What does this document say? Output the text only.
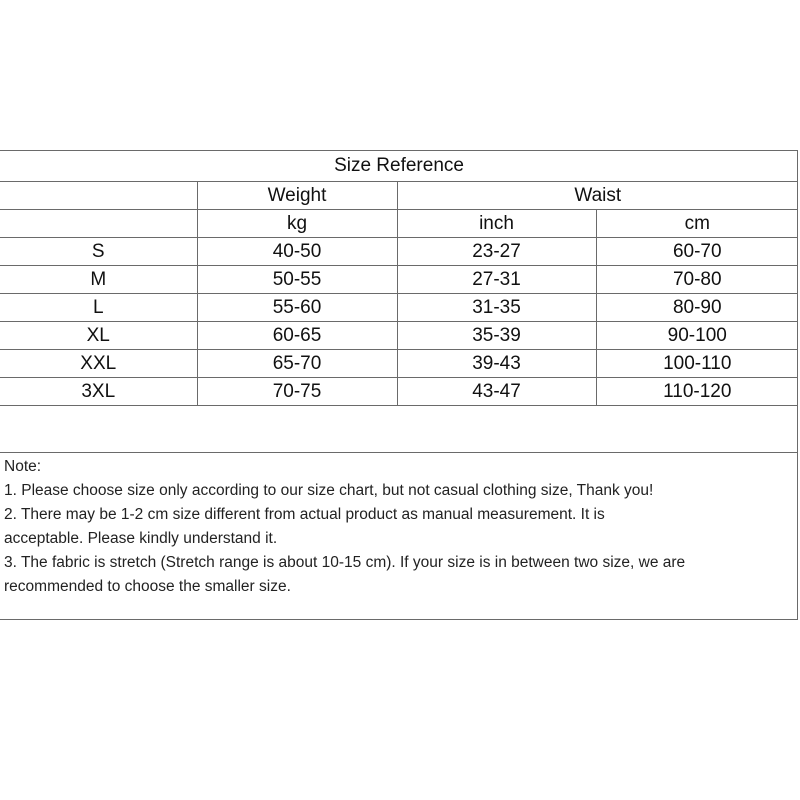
Size Reference			
	Weight	Waist	
	kg	inch	cm
S	40-50	23-27	60-70
M	50-55	27-31	70-80
L	55-60	31-35	80-90
XL	60-65	35-39	90-100
XXL	65-70	39-43	100-110
3XL	70-75	43-47	110-120
Note:
1. Please choose size only according to our size chart, but not casual clothing size, Thank you!
2. There may be 1-2 cm size different from actual product as manual measurement. It is
acceptable. Please kindly understand it.
3. The fabric is stretch (Stretch range is about 10-15 cm). If your size is in between two size, we are
recommended to choose the smaller size.
